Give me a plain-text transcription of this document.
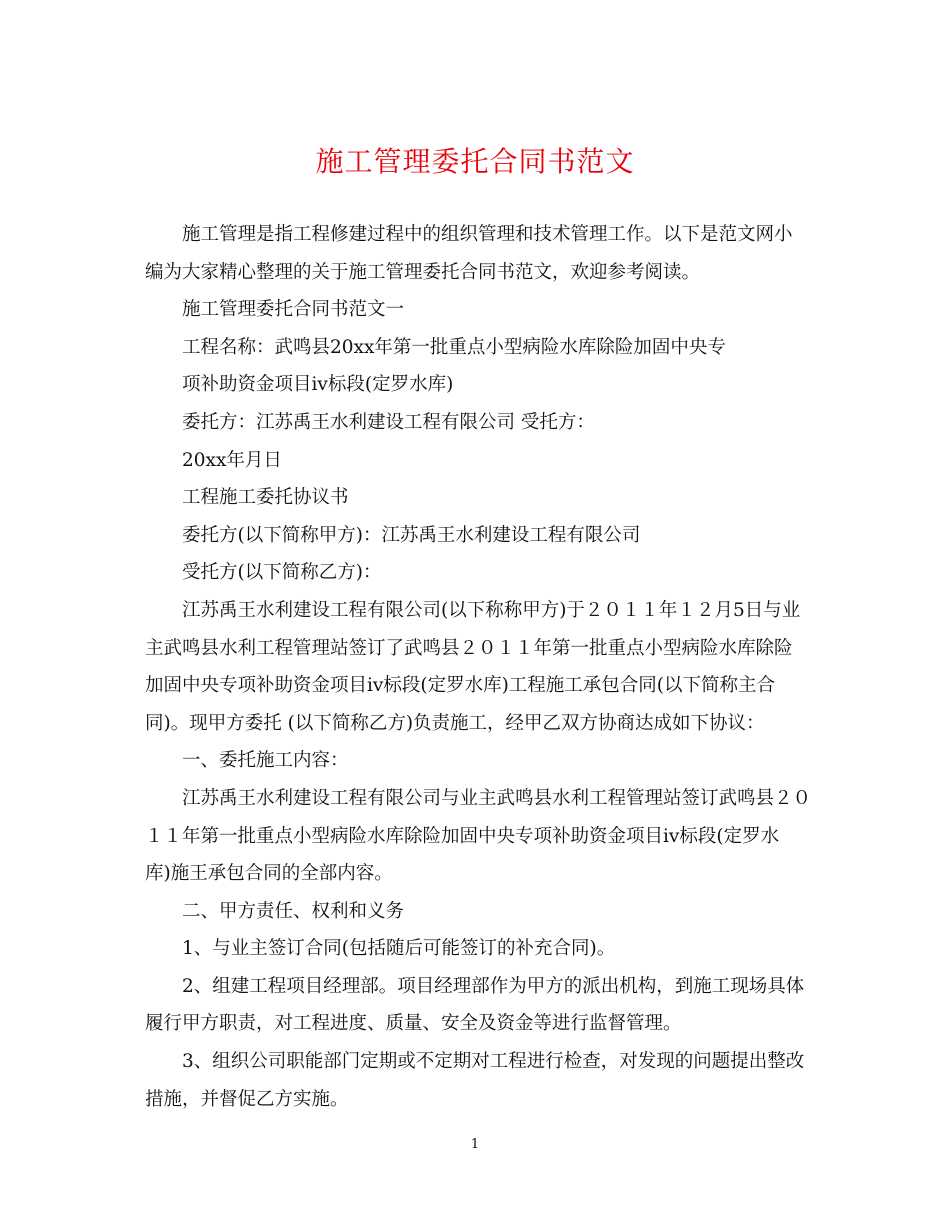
施工管理委托合同书范文

施工管理是指工程修建过程中的组织管理和技术管理工作。以下是范文网小

编为大家精心整理的关于施工管理委托合同书范文，欢迎参考阅读。

施工管理委托合同书范文一

工程名称：武鸣县20xx年第一批重点小型病险水库除险加固中央专

项补助资金项目iv标段(定罗水库)

委托方：江苏禹王水利建设工程有限公司 受托方：

20xx年月日

工程施工委托协议书

委托方(以下简称甲方)：江苏禹王水利建设工程有限公司

受托方(以下简称乙方)：

江苏禹王水利建设工程有限公司(以下称称甲方)于２０１１年１２月5日与业

主武鸣县水利工程管理站签订了武鸣县２０１１年第一批重点小型病险水库除险

加固中央专项补助资金项目iv标段(定罗水库)工程施工承包合同(以下简称主合

同)。现甲方委托 (以下简称乙方)负责施工，经甲乙双方协商达成如下协议：

一、委托施工内容：

江苏禹王水利建设工程有限公司与业主武鸣县水利工程管理站签订武鸣县２０

１１年第一批重点小型病险水库除险加固中央专项补助资金项目iv标段(定罗水

库)施王承包合同的全部内容。

二、甲方责任、权利和义务

1、与业主签订合同(包括随后可能签订的补充合同)。

2、组建工程项目经理部。项目经理部作为甲方的派出机构，到施工现场具体

履行甲方职责，对工程进度、质量、安全及资金等进行监督管理。

3、组织公司职能部门定期或不定期对工程进行检查，对发现的问题提出整改

措施，并督促乙方实施。

1
